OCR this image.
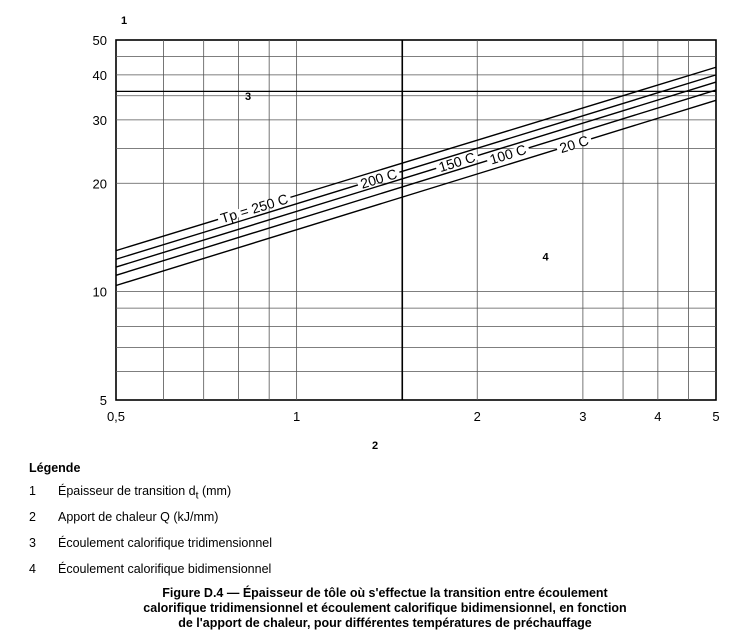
Tp = 250 C
200 C
150 C 100 C 20 C
0,5	1	2	3	4	5
5
10
20
30
40
50
1
2
3
4
Légende
1	Épaisseur de transition $d_t$ (mm)
2	Apport de chaleur Q (kJ/mm)
3	Écoulement calorifique tridimensionnel
4	Écoulement calorifique bidimensionnel
Figure D.4 — Épaisseur de tôle où s'effectue la transition entre écoulement
calorifique tridimensionnel et écoulement calorifique bidimensionnel, en fonction
de l'apport de chaleur, pour différentes températures de préchauffage
